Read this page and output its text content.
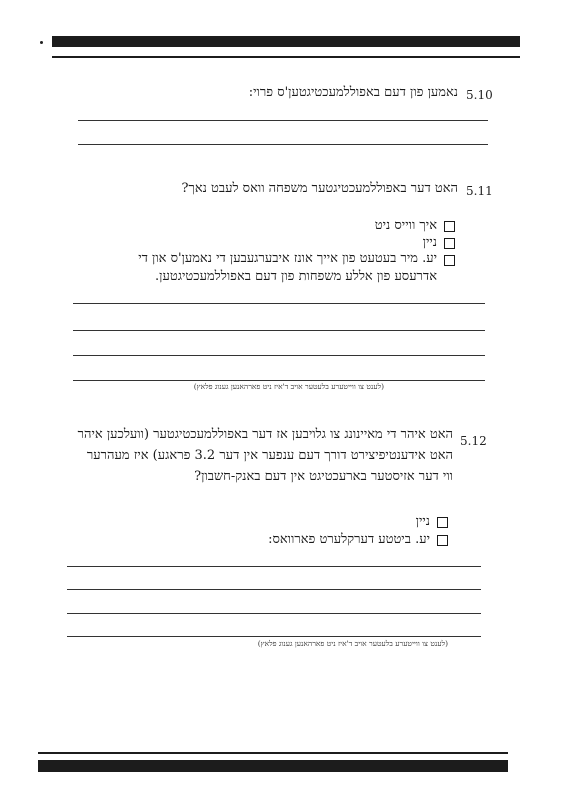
5.10
נאמען פון דעם באפוללמעכטיגטען'ס פרוי:
5.11
האט דער באפוללמעכטיגטער משפחה וואס לעבט נאך?
איך ווייס ניט
ניין
יע. מיר בעטעט פון אייך אונז איבערגעבען די נאמען'ס און די אדרעסע פון אללע משפחות פון דעם באפוללמעכטיגטען.
(לענט צו ווייטערע בלעטער אויב ד'איז ניט פארהאנען גענוג פלאץ)
5.12
האט איהר די מאיינונג צו גלויבען אז דער באפוללמעכטיגטער (וועלכען איהר האט אידענטיפיצירט דורך דעם ענפער אין דער 3.2 פראגע) איז מעהרער ווי דער אזיסטער בארעכטיגט אין דעם באנק-חשבון?
ניין
יע. ביטטע דערקלערט פארוואס:
(לענט צו ווייטערע בלעטער אויב ד'איז ניט פארהאנען גענוג פלאץ)
